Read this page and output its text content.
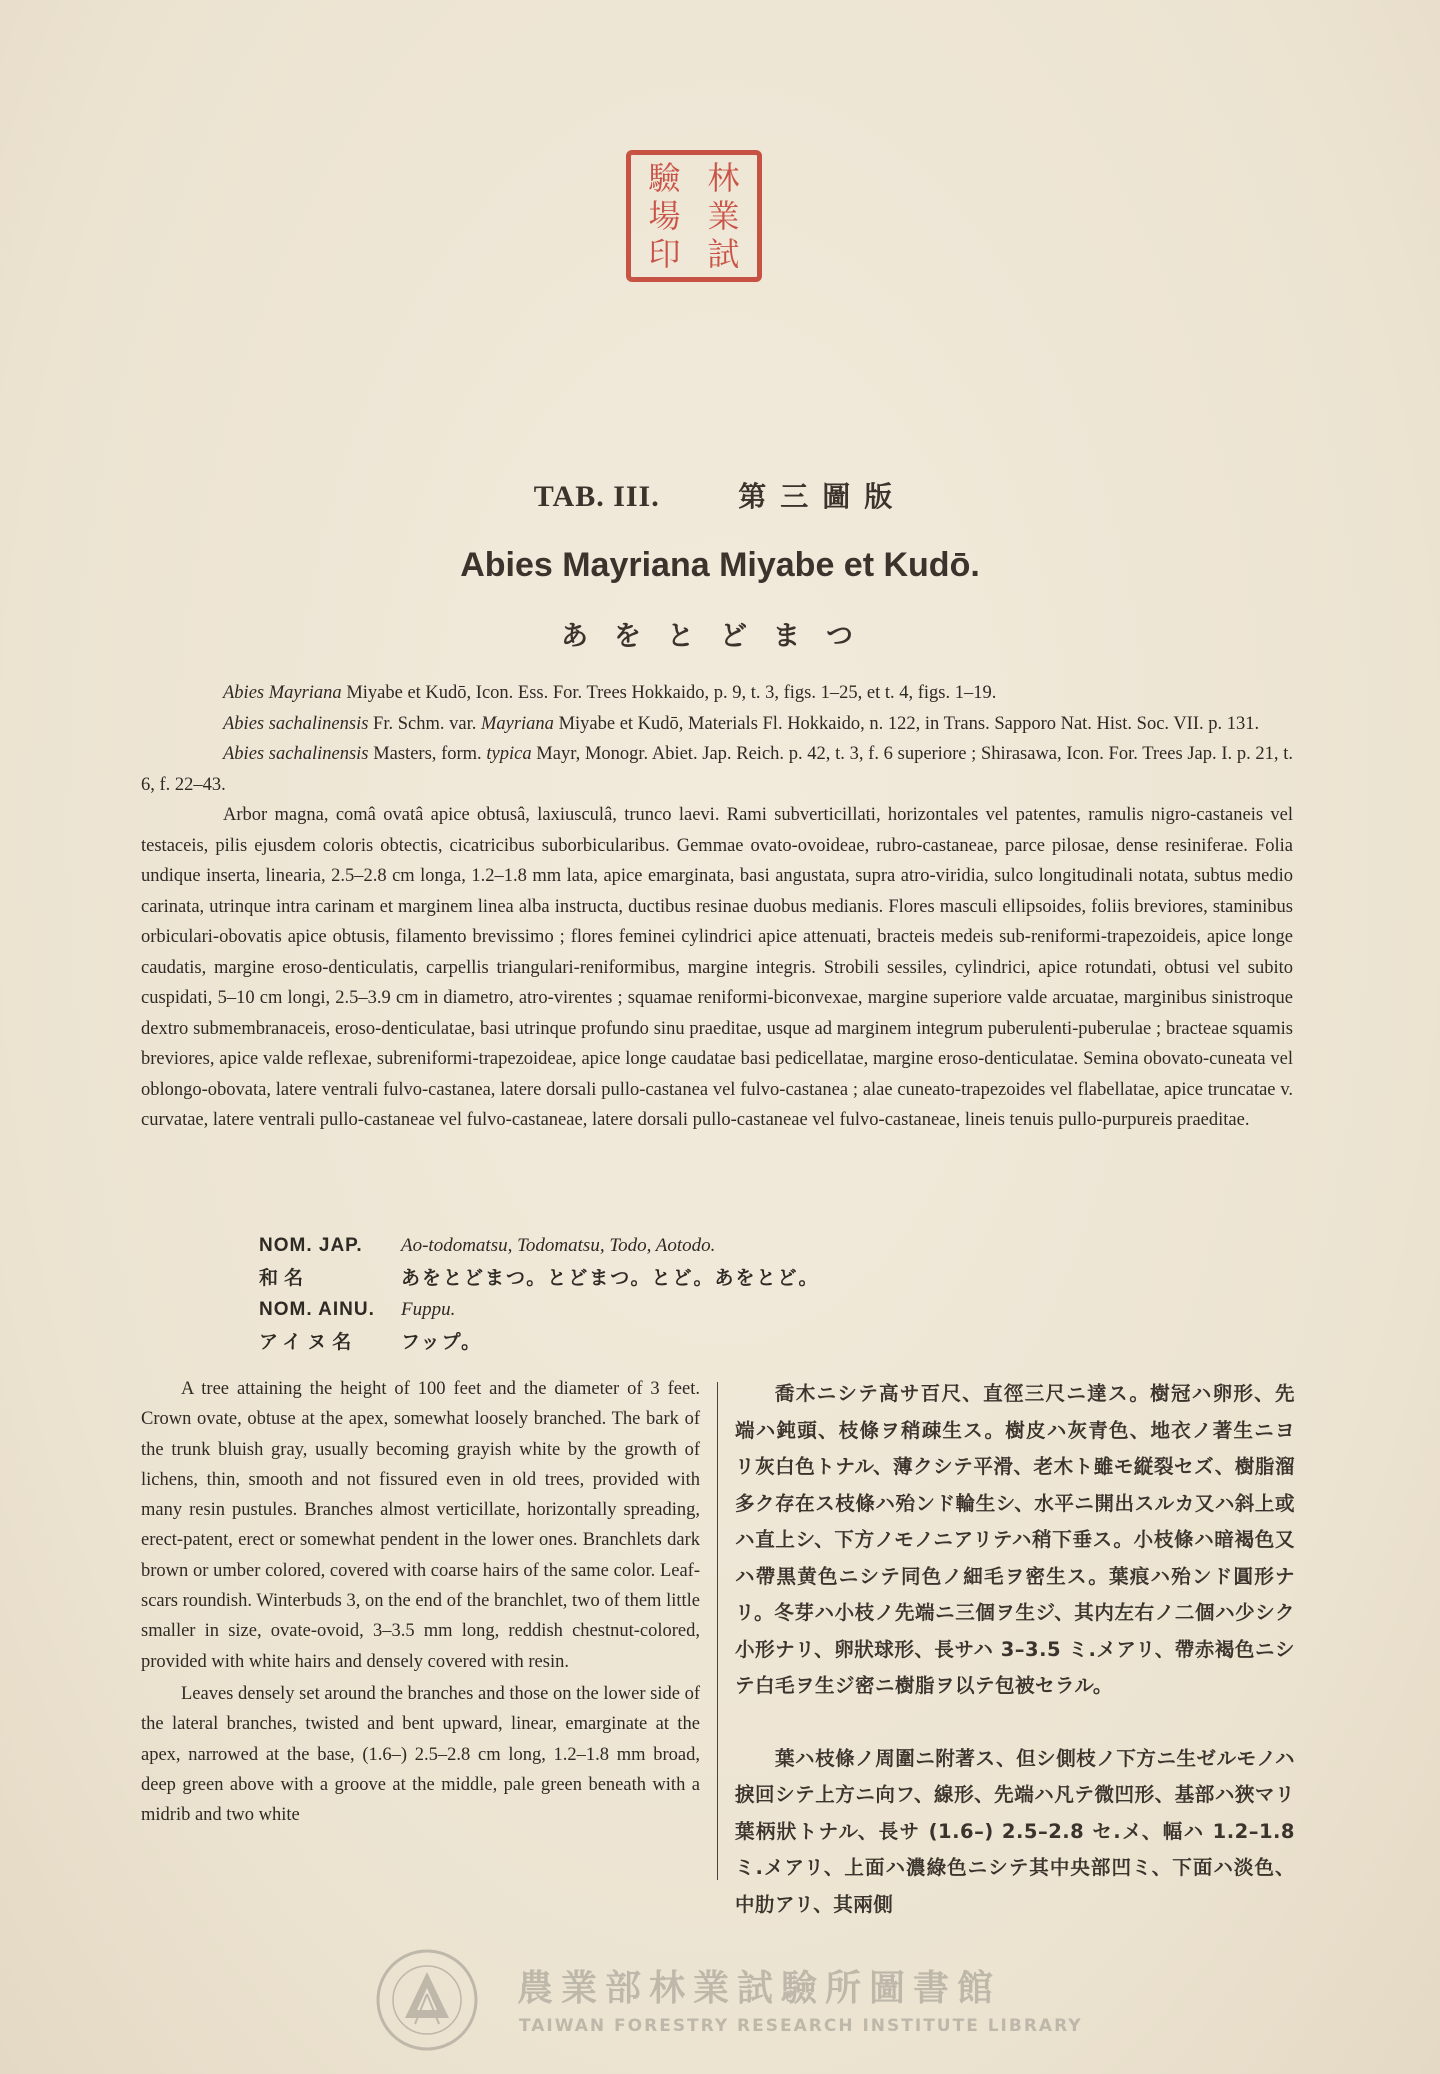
驗
場
印
林
業
試
TAB. III.	第三圖版
Abies Mayriana Miyabe et Kudō.
あをとどまつ

Abies Mayriana Miyabe et Kudō, Icon. Ess. For. Trees Hokkaido, p. 9, t. 3, figs. 1–25, et t. 4, figs. 1–19.

Abies sachalinensis Fr. Schm. var. Mayriana Miyabe et Kudō, Materials Fl. Hokkaido, n. 122, in Trans. Sapporo Nat. Hist. Soc. VII. p. 131.

Abies sachalinensis Masters, form. typica Mayr, Monogr. Abiet. Jap. Reich. p. 42, t. 3, f. 6 superiore ; Shirasawa, Icon. For. Trees Jap. I. p. 21, t. 6, f. 22–43.

Arbor magna, comâ ovatâ apice obtusâ, laxiusculâ, trunco laevi. Rami subverticillati, horizontales vel patentes, ramulis nigro-castaneis vel testaceis, pilis ejusdem coloris obtectis, cicatricibus suborbicularibus. Gemmae ovato-ovoideae, rubro-castaneae, parce pilosae, dense resiniferae. Folia undique inserta, linearia, 2.5–2.8 cm longa, 1.2–1.8 mm lata, apice emarginata, basi angustata, supra atro-viridia, sulco longitudinali notata, subtus medio carinata, utrinque intra carinam et marginem linea alba instructa, ductibus resinae duobus medianis. Flores masculi ellipsoides, foliis breviores, staminibus orbiculari-obovatis apice obtusis, filamento brevissimo ; flores feminei cylindrici apice attenuati, bracteis medeis sub-reniformi-trapezoideis, apice longe caudatis, margine eroso-denticulatis, carpellis triangulari-reniformibus, margine integris. Strobili sessiles, cylindrici, apice rotundati, obtusi vel subito cuspidati, 5–10 cm longi, 2.5–3.9 cm in diametro, atro-virentes ; squamae reniformi-biconvexae, margine superiore valde arcuatae, marginibus sinistroque dextro submembranaceis, eroso-denticulatae, basi utrinque profundo sinu praeditae, usque ad marginem integrum puberulenti-puberulae ; bracteae squamis breviores, apice valde reflexae, subreniformi-trapezoideae, apice longe caudatae basi pedicellatae, margine eroso-denticulatae. Semina obovato-cuneata vel oblongo-obovata, latere ventrali fulvo-castanea, latere dorsali pullo-castanea vel fulvo-castanea ; alae cuneato-trapezoides vel flabellatae, apice truncatae v. curvatae, latere ventrali pullo-castaneae vel fulvo-castaneae, latere dorsali pullo-castaneae vel fulvo-castaneae, lineis tenuis pullo-purpureis praeditae.

NOM. JAP.	Ao-todomatsu, Todomatsu, Todo, Aotodo.
和名	あをとどまつ。とどまつ。とど。あをとど。
NOM. AINU.	Fuppu.
アイヌ名	フップ。

A tree attaining the height of 100 feet and the diameter of 3 feet. Crown ovate, obtuse at the apex, somewhat loosely branched. The bark of the trunk bluish gray, usually becoming grayish white by the growth of lichens, thin, smooth and not fissured even in old trees, provided with many resin pustules. Branches almost verticillate, horizontally spreading, erect-patent, erect or somewhat pendent in the lower ones. Branchlets dark brown or umber colored, covered with coarse hairs of the same color. Leaf-scars roundish. Winterbuds 3, on the end of the branchlet, two of them little smaller in size, ovate-ovoid, 3–3.5 mm long, reddish chestnut-colored, provided with white hairs and densely covered with resin.

Leaves densely set around the branches and those on the lower side of the lateral branches, twisted and bent upward, linear, emarginate at the apex, narrowed at the base, (1.6–) 2.5–2.8 cm long, 1.2–1.8 mm broad, deep green above with a groove at the middle, pale green beneath with a midrib and two white

喬木ニシテ高サ百尺、直徑三尺ニ達ス。樹冠ハ卵形、先端ハ鈍頭、枝條ヲ稍疎生ス。樹皮ハ灰青色、地衣ノ著生ニヨリ灰白色トナル、薄クシテ平滑、老木ト雖モ縦裂セズ、樹脂溜多ク存在ス枝條ハ殆ンド輪生シ、水平ニ開出スルカ又ハ斜上或ハ直上シ、下方ノモノニアリテハ稍下垂ス。小枝條ハ暗褐色又ハ帶黒黄色ニシテ同色ノ細毛ヲ密生ス。葉痕ハ殆ンド圓形ナリ。冬芽ハ小枝ノ先端ニ三個ヲ生ジ、其内左右ノ二個ハ少シク小形ナリ、卵狀球形、長サハ 3–3.5 ミ.メアリ、帶赤褐色ニシテ白毛ヲ生ジ密ニ樹脂ヲ以テ包被セラル。

葉ハ枝條ノ周圍ニ附著ス、但シ側枝ノ下方ニ生ゼルモノハ捩回シテ上方ニ向フ、線形、先端ハ凡テ微凹形、基部ハ狹マリ葉柄狀トナル、長サ (1.6–) 2.5–2.8 セ.メ、幅ハ 1.2–1.8 ミ.メアリ、上面ハ濃綠色ニシテ其中央部凹ミ、下面ハ淡色、中肋アリ、其兩側

農業部林業試驗所圖書館
TAIWAN FORESTRY RESEARCH INSTITUTE LIBRARY
